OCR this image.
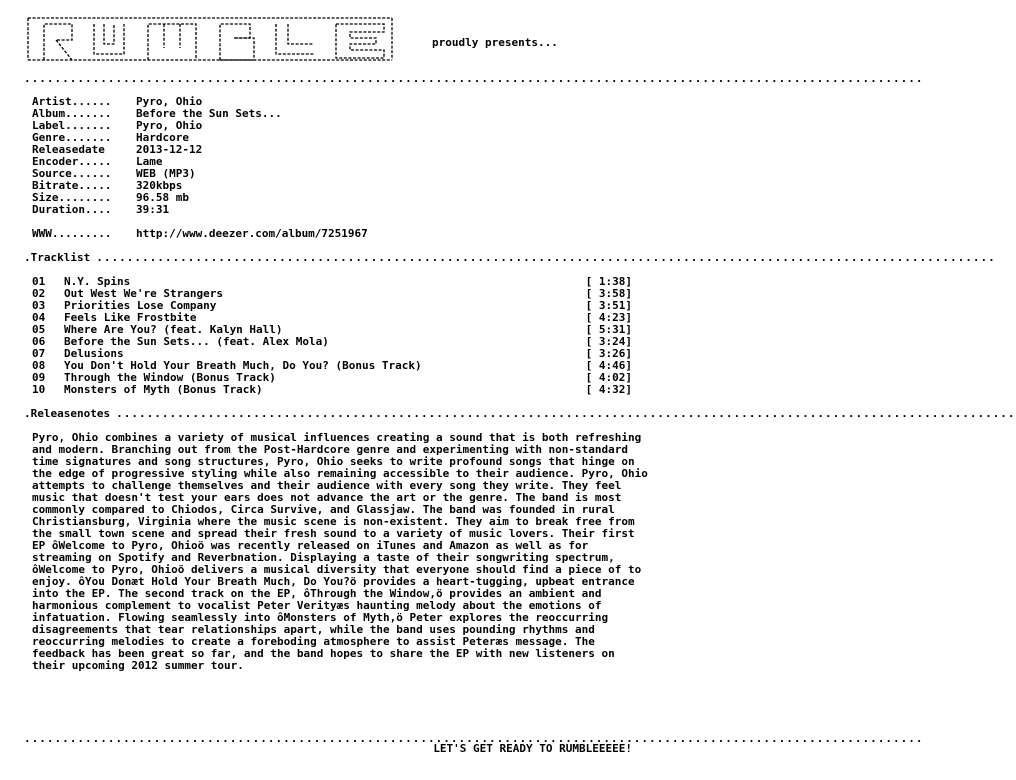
proudly presents...
......................................................................................................................
Artist......	Pyro, Ohio
Album.......	Before the Sun Sets...
Label.......	Pyro, Ohio
Genre.......	Hardcore
Releasedate	2013-12-12
Encoder.....	Lame
Source......	WEB (MP3)
Bitrate.....	320kbps
Size........	96.58 mb
Duration....	39:31
WWW.........	http://www.deezer.com/album/7251967
.Tracklist ......................................................................................................................
01	N.Y. Spins	[ 1:38]
02	Out West We're Strangers	[ 3:58]
03	Priorities Lose Company	[ 3:51]
04	Feels Like Frostbite	[ 4:23]
05	Where Are You? (feat. Kalyn Hall)	[ 5:31]
06	Before the Sun Sets... (feat. Alex Mola)	[ 3:24]
07	Delusions	[ 3:26]
08	You Don't Hold Your Breath Much, Do You? (Bonus Track)	[ 4:46]
09	Through the Window (Bonus Track)	[ 4:02]
10	Monsters of Myth (Bonus Track)	[ 4:32]
.Releasenotes ......................................................................................................................
Pyro, Ohio combines a variety of musical influences creating a sound that is both refreshing and modern. Branching out from the Post-Hardcore genre and experimenting with non-standard time signatures and song structures, Pyro, Ohio seeks to write profound songs that hinge on the edge of progressive styling while also remaining accessible to their audience. Pyro, Ohio attempts to challenge themselves and their audience with every song they write. They feel music that doesn't test your ears does not advance the art or the genre. The band is most commonly compared to Chiodos, Circa Survive, and Glassjaw. The band was founded in rural Christiansburg, Virginia where the music scene is non-existent. They aim to break free from the small town scene and spread their fresh sound to a variety of music lovers. Their first EP ôWelcome to Pyro, Ohioö was recently released on iTunes and Amazon as well as for streaming on Spotify and Reverbnation. Displaying a taste of their songwriting spectrum, ôWelcome to Pyro, Ohioö delivers a musical diversity that everyone should find a piece of to enjoy. ôYou Donæt Hold Your Breath Much, Do You?ö provides a heart-tugging, upbeat entrance into the EP. The second track on the EP, ôThrough the Window,ö provides an ambient and harmonious complement to vocalist Peter Verityæs haunting melody about the emotions of infatuation. Flowing seamlessly into ôMonsters of Myth,ö Peter explores the reoccurring disagreements that tear relationships apart, while the band uses pounding rhythms and reoccurring melodies to create a foreboding atmosphere to assist Peteræs message. The feedback has been great so far, and the band hopes to share the EP with new listeners on their upcoming 2012 summer tour.
......................................................................................................................
LET'S GET READY TO RUMBLEEEEE!
